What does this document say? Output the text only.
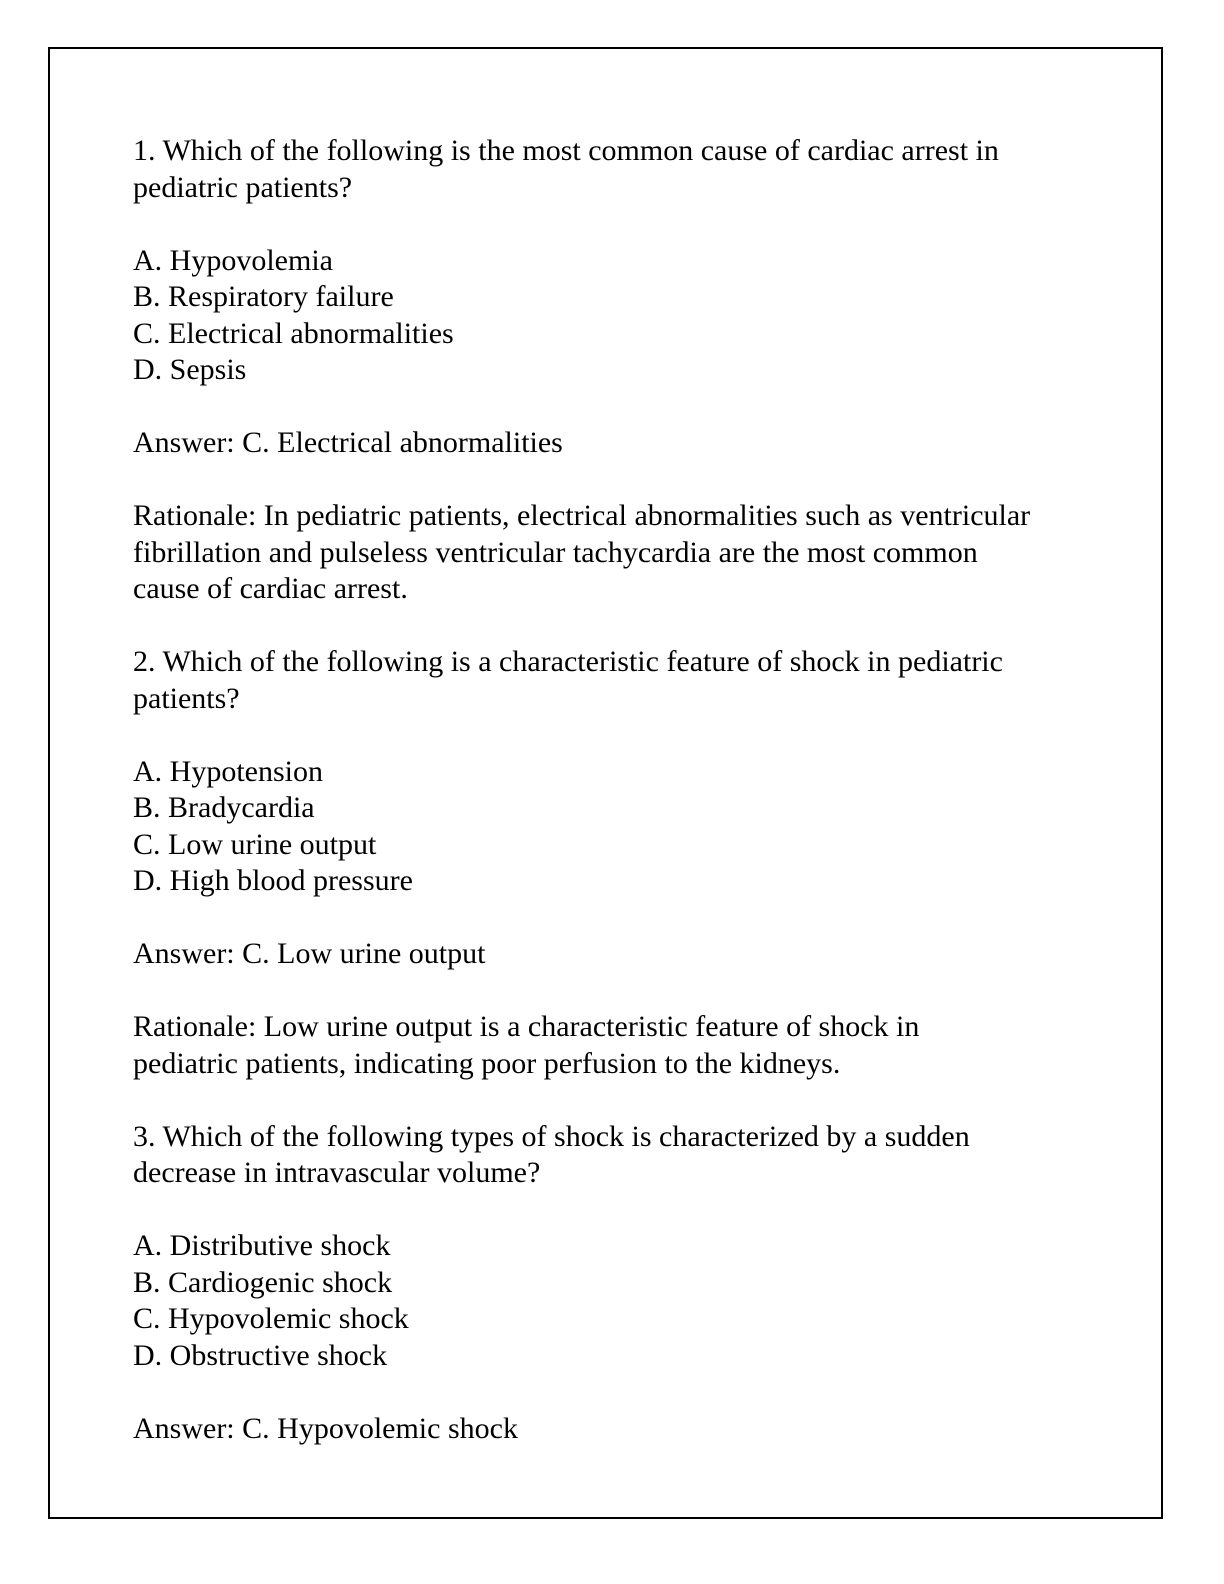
1. Which of the following is the most common cause of cardiac arrest in
pediatric patients?
A. Hypovolemia
B. Respiratory failure
C. Electrical abnormalities
D. Sepsis
Answer: C. Electrical abnormalities
Rationale: In pediatric patients, electrical abnormalities such as ventricular
fibrillation and pulseless ventricular tachycardia are the most common
cause of cardiac arrest.
2. Which of the following is a characteristic feature of shock in pediatric
patients?
A. Hypotension
B. Bradycardia
C. Low urine output
D. High blood pressure
Answer: C. Low urine output
Rationale: Low urine output is a characteristic feature of shock in
pediatric patients, indicating poor perfusion to the kidneys.
3. Which of the following types of shock is characterized by a sudden
decrease in intravascular volume?
A. Distributive shock
B. Cardiogenic shock
C. Hypovolemic shock
D. Obstructive shock
Answer: C. Hypovolemic shock
